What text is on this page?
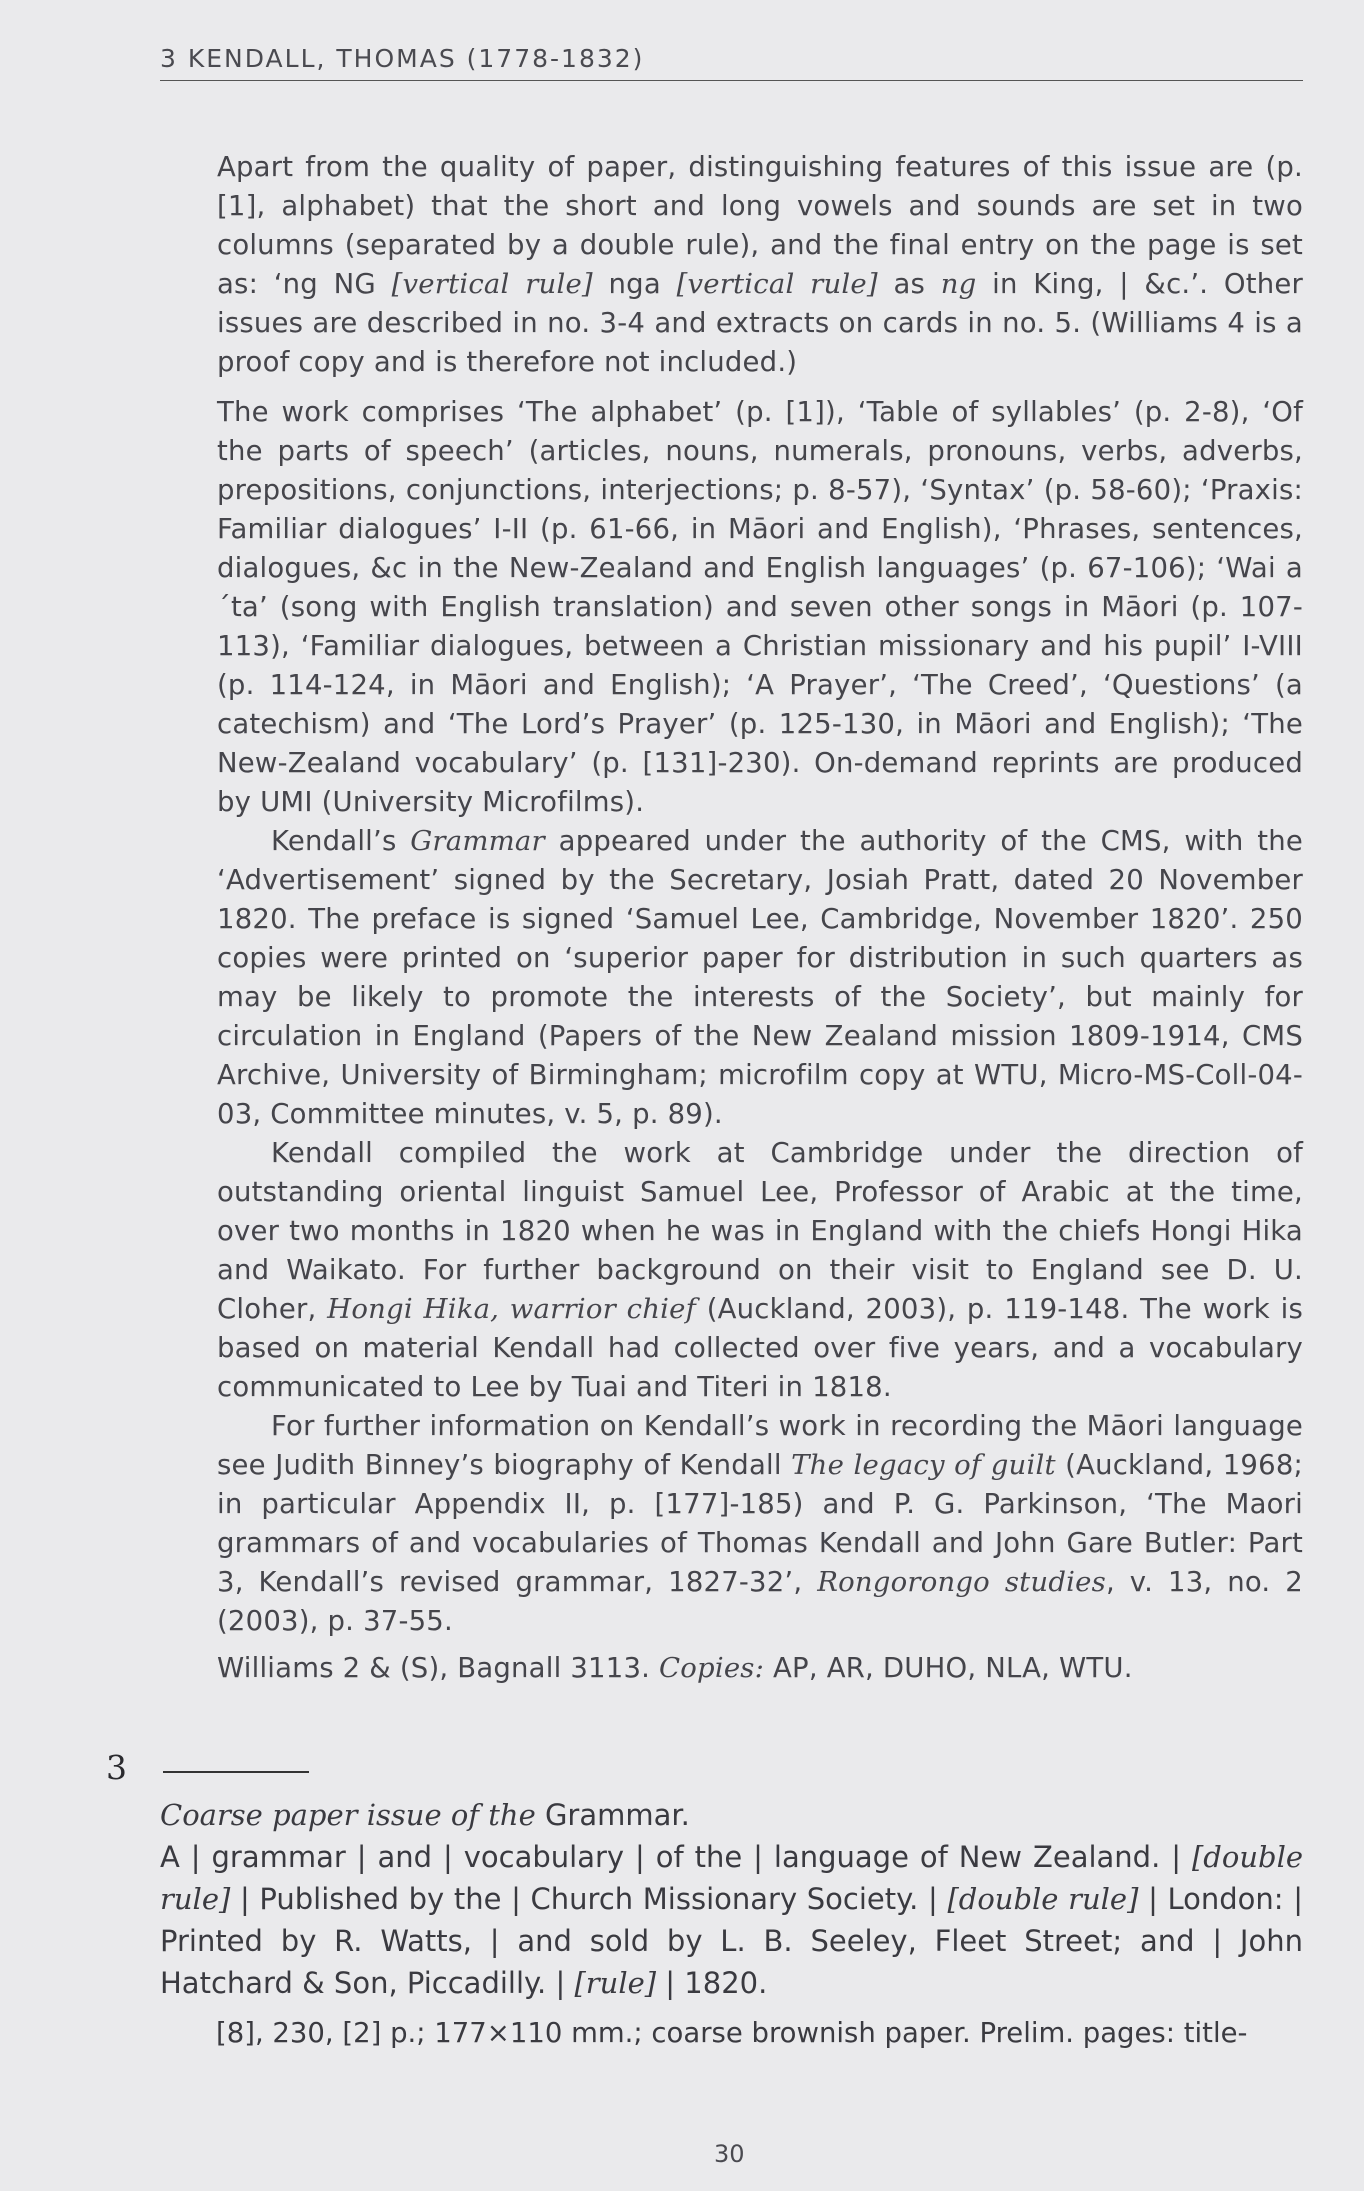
3 KENDALL, THOMAS (1778-1832)

Apart from the quality of paper, distinguishing features of this issue are (p. [1], alphabet) that the short and long vowels and sounds are set in two columns (separated by a double rule), and the final entry on the page is set as: ‘ng NG [vertical rule] nga [vertical rule] as ng in King, | &c.’. Other issues are described in no. 3-4 and extracts on cards in no. 5. (Williams 4 is a proof copy and is therefore not included.)

The work comprises ‘The alphabet’ (p. [1]), ‘Table of syllables’ (p. 2-8), ‘Of the parts of speech’ (articles, nouns, numerals, pronouns, verbs, adverbs, prepositions, conjunctions, interjections; p. 8-57), ‘Syntax’ (p. 58-60); ‘Praxis: Familiar dialogues’ I-II (p. 61-66, in Māori and English), ‘Phrases, sentences, dialogues, &c in the New-Zealand and English languages’ (p. 67-106); ‘Wai a´ta’ (song with English translation) and seven other songs in Māori (p. 107-113), ‘Familiar dialogues, between a Christian missionary and his pupil’ I-VIII (p. 114-124, in Māori and English); ‘A Prayer’, ‘The Creed’, ‘Questions’ (a catechism) and ‘The Lord’s Prayer’ (p. 125-130, in Māori and English); ‘The New-Zealand vocabulary’ (p. [131]-230). On-demand reprints are produced by UMI (University Microfilms).

Kendall’s Grammar appeared under the authority of the CMS, with the ‘Advertisement’ signed by the Secretary, Josiah Pratt, dated 20 November 1820. The preface is signed ‘Samuel Lee, Cambridge, November 1820’. 250 copies were printed on ‘superior paper for distribution in such quarters as may be likely to promote the interests of the Society’, but mainly for circulation in England (Papers of the New Zealand mission 1809-1914, CMS Archive, University of Birmingham; microfilm copy at WTU, Micro-MS-Coll-04-03, Committee minutes, v. 5, p. 89).

Kendall compiled the work at Cambridge under the direction of outstanding oriental linguist Samuel Lee, Professor of Arabic at the time, over two months in 1820 when he was in England with the chiefs Hongi Hika and Waikato. For further background on their visit to England see D. U. Cloher, Hongi Hika, warrior chief (Auckland, 2003), p. 119-148. The work is based on material Kendall had collected over five years, and a vocabulary communicated to Lee by Tuai and Titeri in 1818.

For further information on Kendall’s work in recording the Māori language see Judith Binney’s biography of Kendall The legacy of guilt (Auckland, 1968; in particular Appendix II, p. [177]-185) and P. G. Parkinson, ‘The Maori grammars of and vocabularies of Thomas Kendall and John Gare Butler: Part 3, Kendall’s revised grammar, 1827-32’, Rongorongo studies, v. 13, no. 2 (2003), p. 37-55.

Williams 2 & (S), Bagnall 3113. Copies: AP, AR, DUHO, NLA, WTU.

3

Coarse paper issue of the Grammar.

A | grammar | and | vocabulary | of the | language of New Zealand. | [double rule] | Published by the | Church Missionary Society. | [double rule] | London: | Printed by R. Watts, | and sold by L. B. Seeley, Fleet Street; and | John Hatchard & Son, Piccadilly. | [rule] | 1820.

[8], 230, [2] p.; 177×110 mm.; coarse brownish paper. Prelim. pages: title-

30
